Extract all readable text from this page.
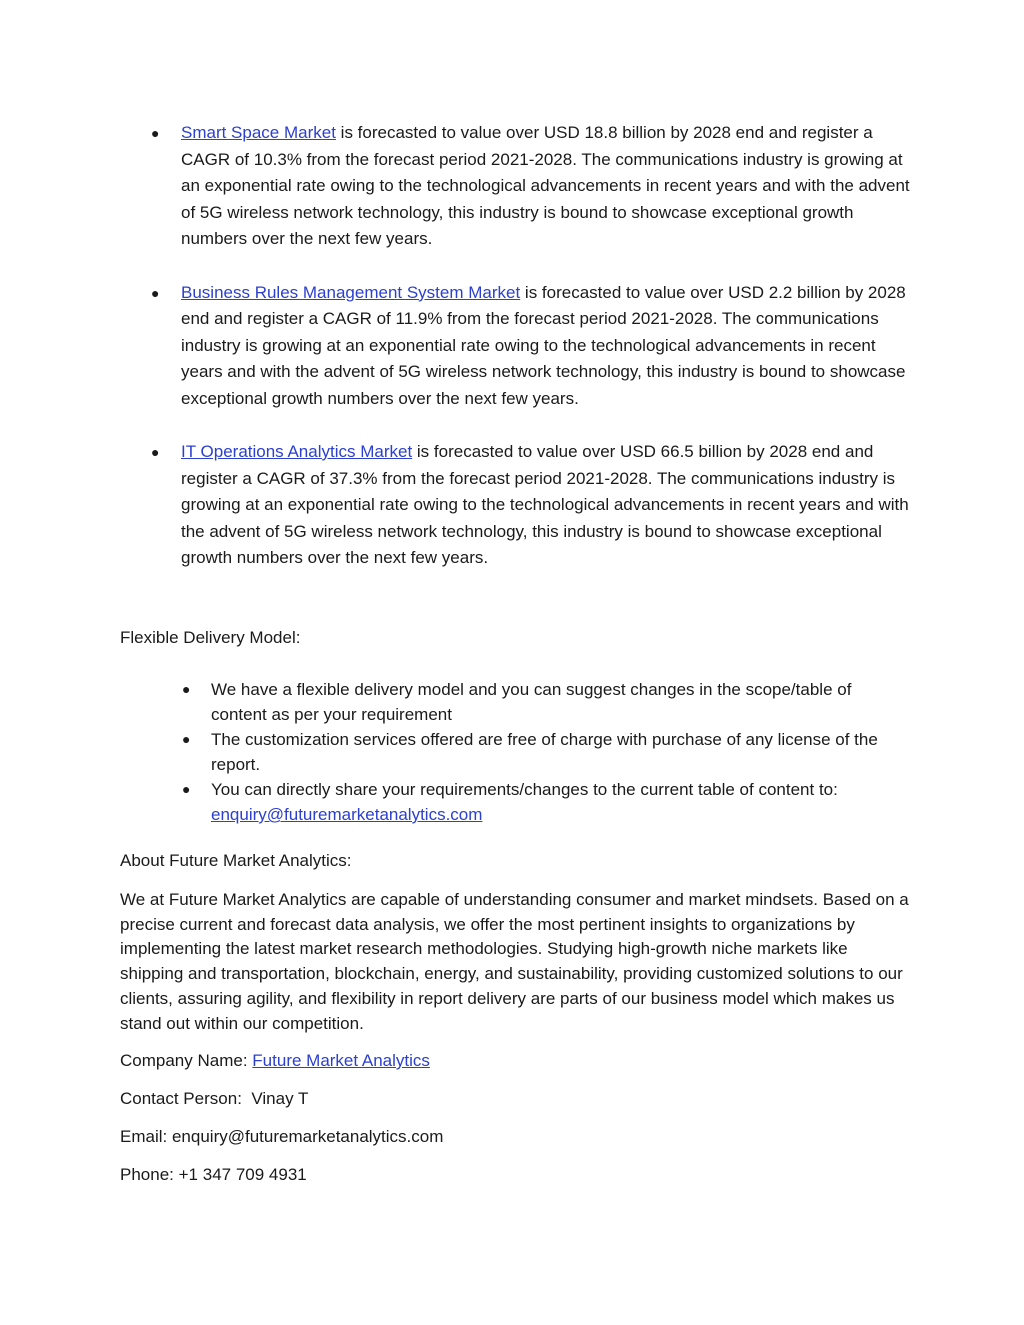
● Smart Space Market is forecasted to value over USD 18.8 billion by 2028 end and register a CAGR of 10.3% from the forecast period 2021-2028. The communications industry is growing at an exponential rate owing to the technological advancements in recent years and with the advent of 5G wireless network technology, this industry is bound to showcase exceptional growth numbers over the next few years.
● Business Rules Management System Market is forecasted to value over USD 2.2 billion by 2028 end and register a CAGR of 11.9% from the forecast period 2021-2028. The communications industry is growing at an exponential rate owing to the technological advancements in recent years and with the advent of 5G wireless network technology, this industry is bound to showcase exceptional growth numbers over the next few years.
● IT Operations Analytics Market is forecasted to value over USD 66.5 billion by 2028 end and register a CAGR of 37.3% from the forecast period 2021-2028. The communications industry is growing at an exponential rate owing to the technological advancements in recent years and with the advent of 5G wireless network technology, this industry is bound to showcase exceptional growth numbers over the next few years.
Flexible Delivery Model:
● We have a flexible delivery model and you can suggest changes in the scope/table of content as per your requirement
● The customization services offered are free of charge with purchase of any license of the report.
● You can directly share your requirements/changes to the current table of content to: enquiry@futuremarketanalytics.com
About Future Market Analytics:

We at Future Market Analytics are capable of understanding consumer and market mindsets. Based on a precise current and forecast data analysis, we offer the most pertinent insights to organizations by implementing the latest market research methodologies. Studying high-growth niche markets like shipping and transportation, blockchain, energy, and sustainability, providing customized solutions to our clients, assuring agility, and flexibility in report delivery are parts of our business model which makes us stand out within our competition.

Company Name: Future Market Analytics

Contact Person:  Vinay T

Email: enquiry@futuremarketanalytics.com

Phone: +1 347 709 4931
